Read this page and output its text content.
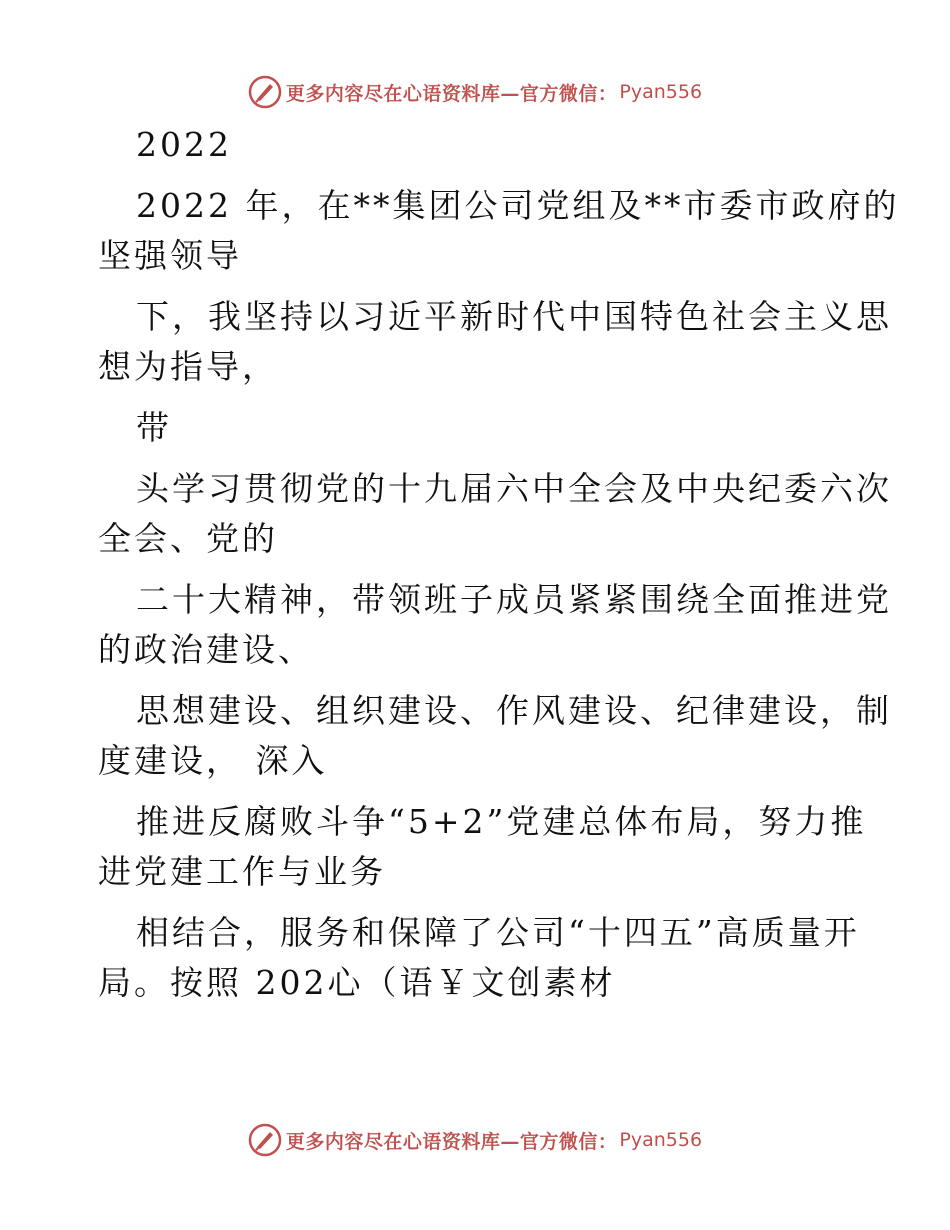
更多内容尽在心语资料库—官方微信： Pyan556
2022
2022 年，在**集团公司党组及**市委市政府的
坚强领导
下，我坚持以习近平新时代中国特色社会主义思
想为指导，
带
头学习贯彻党的十九届六中全会及中央纪委六次
全会、党的
二十大精神，带领班子成员紧紧围绕全面推进党
的政治建设、
思想建设、组织建设、作风建设、纪律建设，制
度建设， 深入
推进反腐败斗争“5+2”党建总体布局，努力推
进党建工作与业务
相结合，服务和保障了公司“十四五”高质量开
局。按照 202心（语￥文创素材
更多内容尽在心语资料库—官方微信： Pyan556
